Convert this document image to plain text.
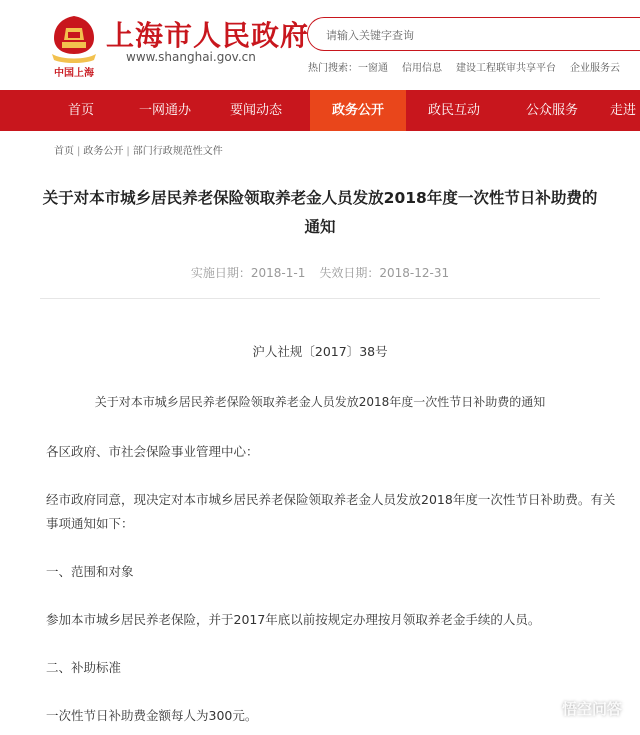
中国上海
上海市人民政府
www.shanghai.gov.cn
请输入关键字查询
热门搜索：一窗通 信用信息 建设工程联审共享平台 企业服务云
首页	一网通办	要闻动态	政务公开	政民互动	公众服务	走进
首页 | 政务公开 | 部门行政规范性文件
关于对本市城乡居民养老保险领取养老金人员发放2018年度一次性节日补助费的通知
实施日期：2018-1-1 失效日期：2018-12-31
沪人社规〔2017〕38号
关于对本市城乡居民养老保险领取养老金人员发放2018年度一次性节日补助费的通知
各区政府、市社会保险事业管理中心：
经市政府同意，现决定对本市城乡居民养老保险领取养老金人员发放2018年度一次性节日补助费。有关事项通知如下：
一、范围和对象
参加本市城乡居民养老保险，并于2017年底以前按规定办理按月领取养老金手续的人员。
二、补助标准
一次性节日补助费金额每人为300元。	悟空问答
